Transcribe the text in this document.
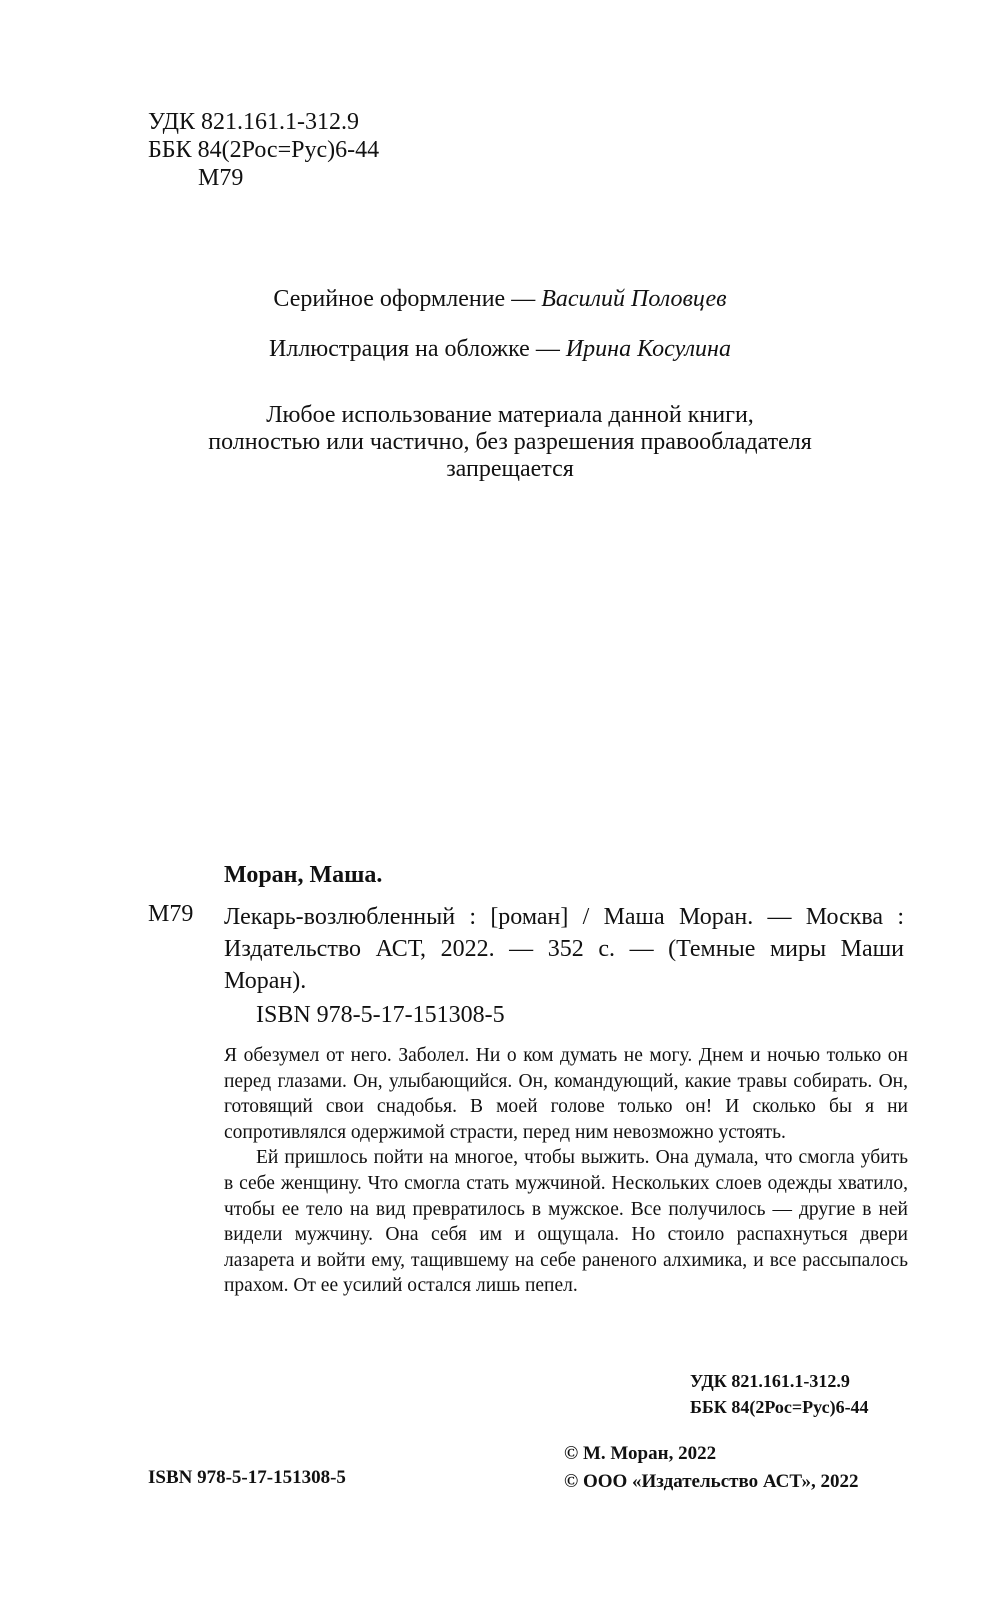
УДК 821.161.1-312.9
ББК 84(2Рос=Рус)6-44
М79
Серийное оформление — Василий Половцев
Иллюстрация на обложке — Ирина Косулина
Любое использование материала данной книги,
полностью или частично, без разрешения правообладателя
запрещается
Моран, Маша.
М79 Лекарь-возлюбленный : [роман] / Маша Моран. — Москва : Издательство АСТ, 2022. — 352 с. — (Темные миры Маши Моран).
ISBN 978-5-17-151308-5

Я обезумел от него. Заболел. Ни о ком думать не могу. Днем и ночью только он перед глазами. Он, улыбающийся. Он, командующий, какие травы собирать. Он, готовящий свои снадобья. В моей голове только он! И сколько бы я ни сопротивлялся одержимой страсти, перед ним невозможно устоять.

Ей пришлось пойти на многое, чтобы выжить. Она думала, что смогла убить в себе женщину. Что смогла стать мужчиной. Нескольких слоев одежды хватило, чтобы ее тело на вид превратилось в мужское. Все получилось — другие в ней видели мужчину. Она себя им и ощущала. Но стоило распахнуться двери лазарета и войти ему, тащившему на себе раненого алхимика, и все рассыпалось прахом. От ее усилий остался лишь пепел.

УДК 821.161.1-312.9
ББК 84(2Рос=Рус)6-44
ISBN 978-5-17-151308-5
© М. Моран, 2022
© ООО «Издательство АСТ», 2022
